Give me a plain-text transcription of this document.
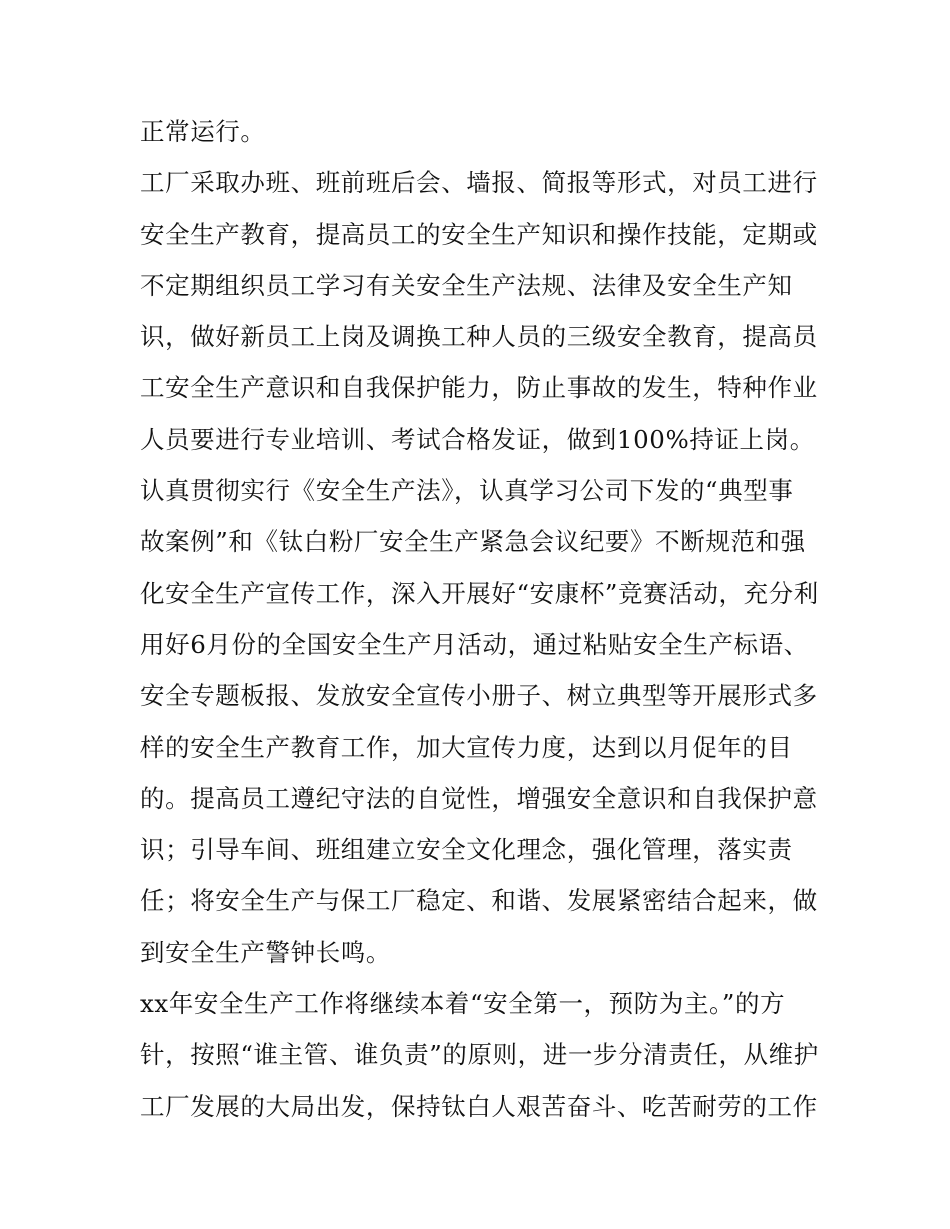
正常运行。
工厂采取办班、班前班后会、墙报、简报等形式，对员工进行
安全生产教育，提高员工的安全生产知识和操作技能，定期或
不定期组织员工学习有关安全生产法规、法律及安全生产知
识，做好新员工上岗及调换工种人员的三级安全教育，提高员
工安全生产意识和自我保护能力，防止事故的发生，特种作业
人员要进行专业培训、考试合格发证，做到100%持证上岗。
认真贯彻实行《安全生产法》，认真学习公司下发的“典型事
故案例”和《钛白粉厂安全生产紧急会议纪要》不断规范和强
化安全生产宣传工作，深入开展好“安康杯”竞赛活动，充分利
用好6月份的全国安全生产月活动，通过粘贴安全生产标语、
安全专题板报、发放安全宣传小册子、树立典型等开展形式多
样的安全生产教育工作，加大宣传力度，达到以月促年的目
的。提高员工遵纪守法的自觉性，增强安全意识和自我保护意
识；引导车间、班组建立安全文化理念，强化管理，落实责
任；将安全生产与保工厂稳定、和谐、发展紧密结合起来，做
到安全生产警钟长鸣。
xx年安全生产工作将继续本着“安全第一，预防为主。”的方
针，按照“谁主管、谁负责”的原则，进一步分清责任，从维护
工厂发展的大局出发，保持钛白人艰苦奋斗、吃苦耐劳的工作
